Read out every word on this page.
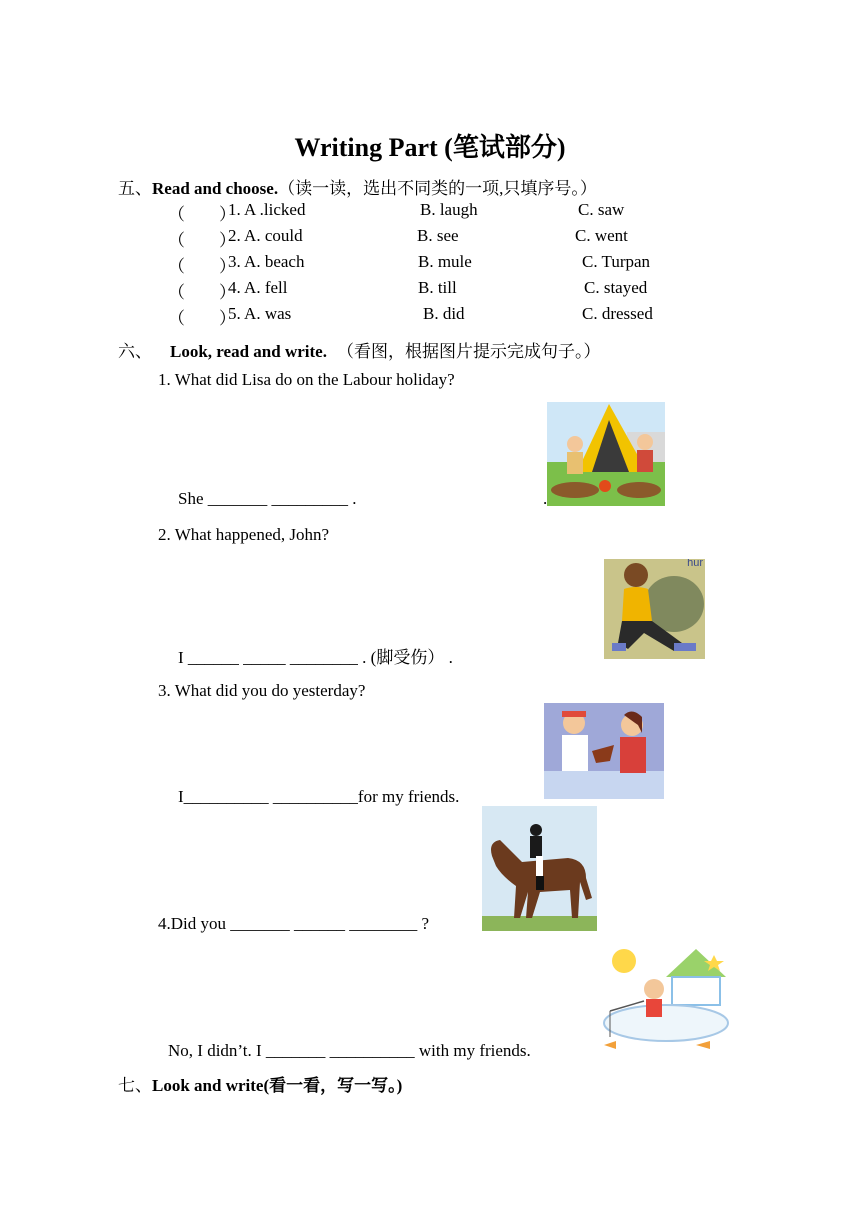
Writing Part (笔试部分)
五、Read and choose.（读一读，选出不同类的一项,只填序号。）
（　　）
1. A .licked	B. laugh	C. saw
（　　）
2. A. could	B. see	C. went
（　　）
3. A. beach	B. mule	C. Turpan
（　　）
4. A. fell	B. till	C. stayed
（　　）
5. A. was	B. did	C. dressed
六、 Look, read and write. （看图，根据图片提示完成句子。）
1. What did Lisa do on the Labour holiday?
She _______ _________ .	.
2. What happened, John?
I ______ _____ ________ . (脚受伤） .
hur
3. What did you do yesterday?
I__________ __________for my friends.
4.Did you _______ ______ ________ ?
No, I didn’t. I _______ __________ with my friends.
七、Look and write(看一看，写一写。)
